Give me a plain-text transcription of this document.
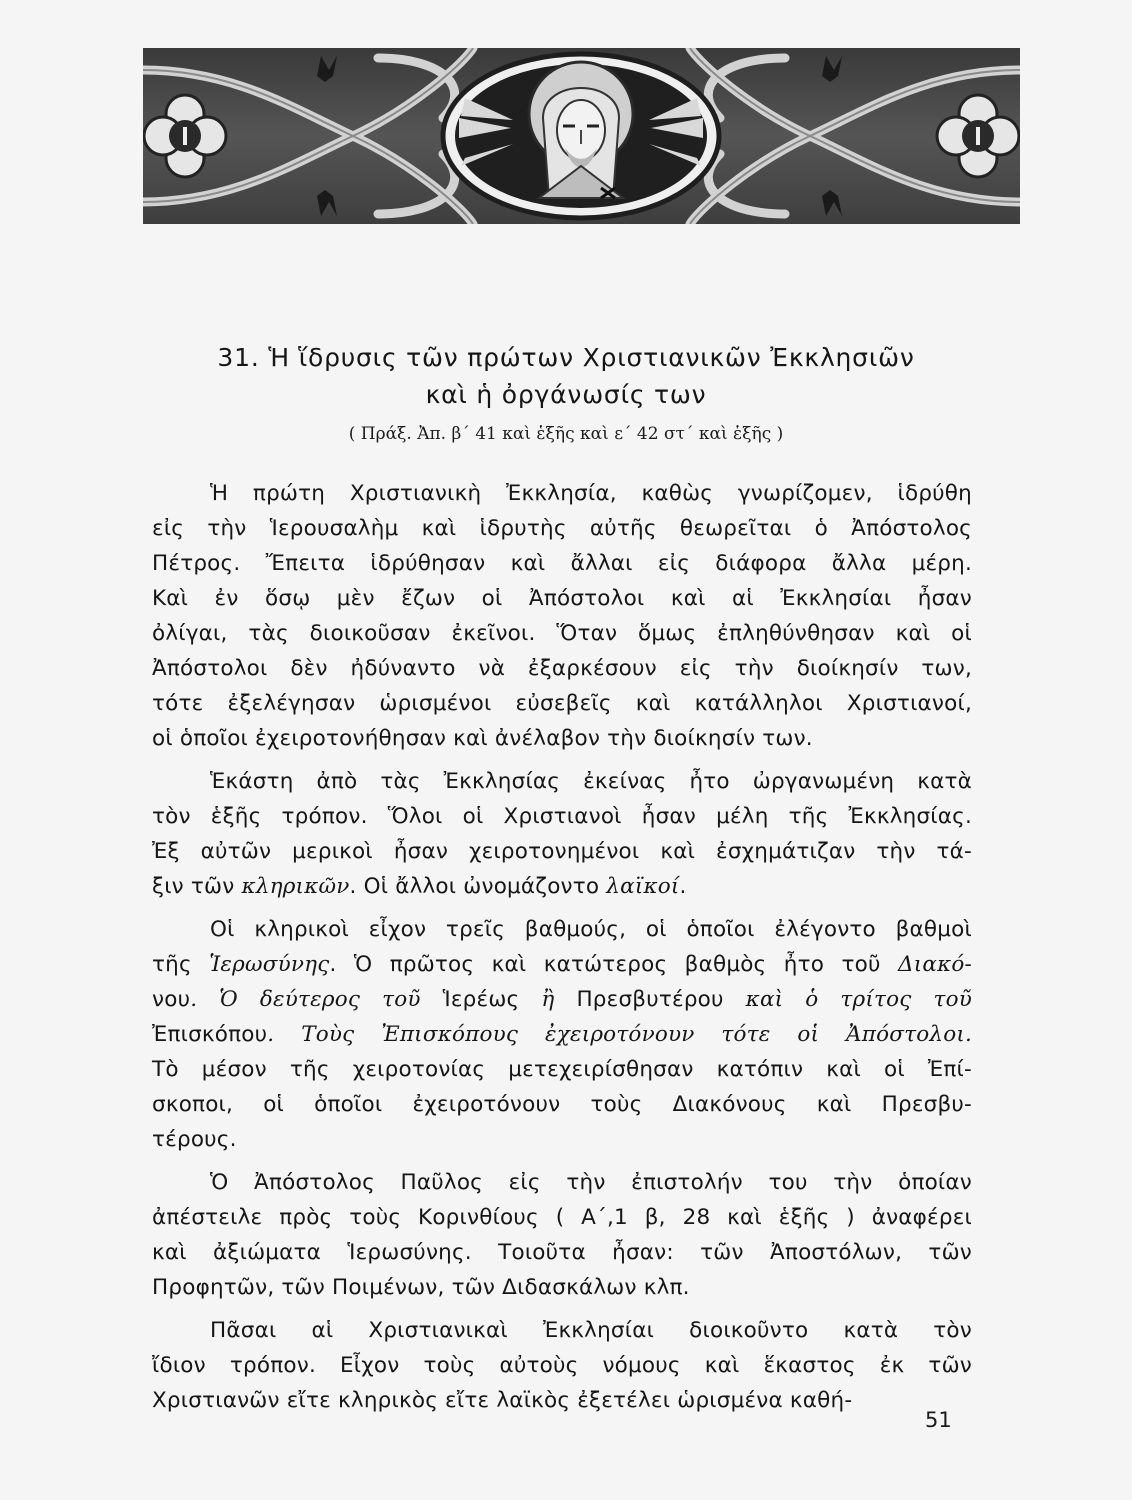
31. Ἡ ἵδρυσις τῶν πρώτων Χριστιανικῶν Ἐκκλησιῶν
καὶ ἡ ὀργάνωσίς των
( Πράξ. Ἀπ. β΄ 41 καὶ ἑξῆς καὶ ε΄ 42 στ΄ καὶ ἑξῆς )
Ἡ πρώτη Χριστιανικὴ Ἐκκλησία, καθὼς γνωρίζομεν, ἱδρύθη
εἰς τὴν Ἱερουσαλὴμ καὶ ἱδρυτὴς αὐτῆς θεωρεῖται ὁ Ἀπόστολος
Πέτρος. Ἔπειτα ἱδρύθησαν καὶ ἄλλαι εἰς διάφορα ἄλλα μέρη.
Καὶ ἐν ὅσῳ μὲν ἔζων οἱ Ἀπόστολοι καὶ αἱ Ἐκκλησίαι ἦσαν
ὀλίγαι, τὰς διοικοῦσαν ἐκεῖνοι. Ὅταν ὅμως ἐπληθύνθησαν καὶ οἱ
Ἀπόστολοι δὲν ἠδύναντο νὰ ἐξαρκέσουν εἰς τὴν διοίκησίν των,
τότε ἐξελέγησαν ὡρισμένοι εὐσεβεῖς καὶ κατάλληλοι Χριστιανοί,
οἱ ὁποῖοι ἐχειροτονήθησαν καὶ ἀνέλαβον τὴν διοίκησίν των.
Ἑκάστη ἀπὸ τὰς Ἐκκλησίας ἐκείνας ἦτο ὠργανωμένη κατὰ
τὸν ἑξῆς τρόπον. Ὅλοι οἱ Χριστιανοὶ ἦσαν μέλη τῆς Ἐκκλησίας.
Ἐξ αὐτῶν μερικοὶ ἦσαν χειροτονημένοι καὶ ἐσχημάτιζαν τὴν τά-
ξιν τῶν κληρικῶν. Οἱ ἄλλοι ὠνομάζοντο λαϊκοί.
Οἱ κληρικοὶ εἶχον τρεῖς βαθμούς, οἱ ὁποῖοι ἐλέγοντο βαθμοὶ
τῆς Ἱερωσύνης. Ὁ πρῶτος καὶ κατώτερος βαθμὸς ἦτο τοῦ Διακό-
νου. Ὁ δεύτερος τοῦ Ἱερέως ἢ Πρεσβυτέρου καὶ ὁ τρίτος τοῦ
Ἐπισκόπου. Τοὺς Ἐπισκόπους ἐχειροτόνουν τότε οἱ Ἀπόστολοι.
Τὸ μέσον τῆς χειροτονίας μετεχειρίσθησαν κατόπιν καὶ οἱ Ἐπί-
σκοποι, οἱ ὁποῖοι ἐχειροτόνουν τοὺς Διακόνους καὶ Πρεσβυ-
τέρους.
Ὁ Ἀπόστολος Παῦλος εἰς τὴν ἐπιστολήν του τὴν ὁποίαν
ἀπέστειλε πρὸς τοὺς Κορινθίους ( Α΄,1 β, 28 καὶ ἑξῆς ) ἀναφέρει
καὶ ἀξιώματα Ἱερωσύνης. Τοιοῦτα ἦσαν: τῶν Ἀποστόλων, τῶν
Προφητῶν, τῶν Ποιμένων, τῶν Διδασκάλων κλπ.
Πᾶσαι αἱ Χριστιανικαὶ Ἐκκλησίαι διοικοῦντο κατὰ τὸν
ἴδιον τρόπον. Εἶχον τοὺς αὐτοὺς νόμους καὶ ἕκαστος ἐκ τῶν
Χριστιανῶν εἴτε κληρικὸς εἴτε λαϊκὸς ἐξετέλει ὡρισμένα καθή-
51
